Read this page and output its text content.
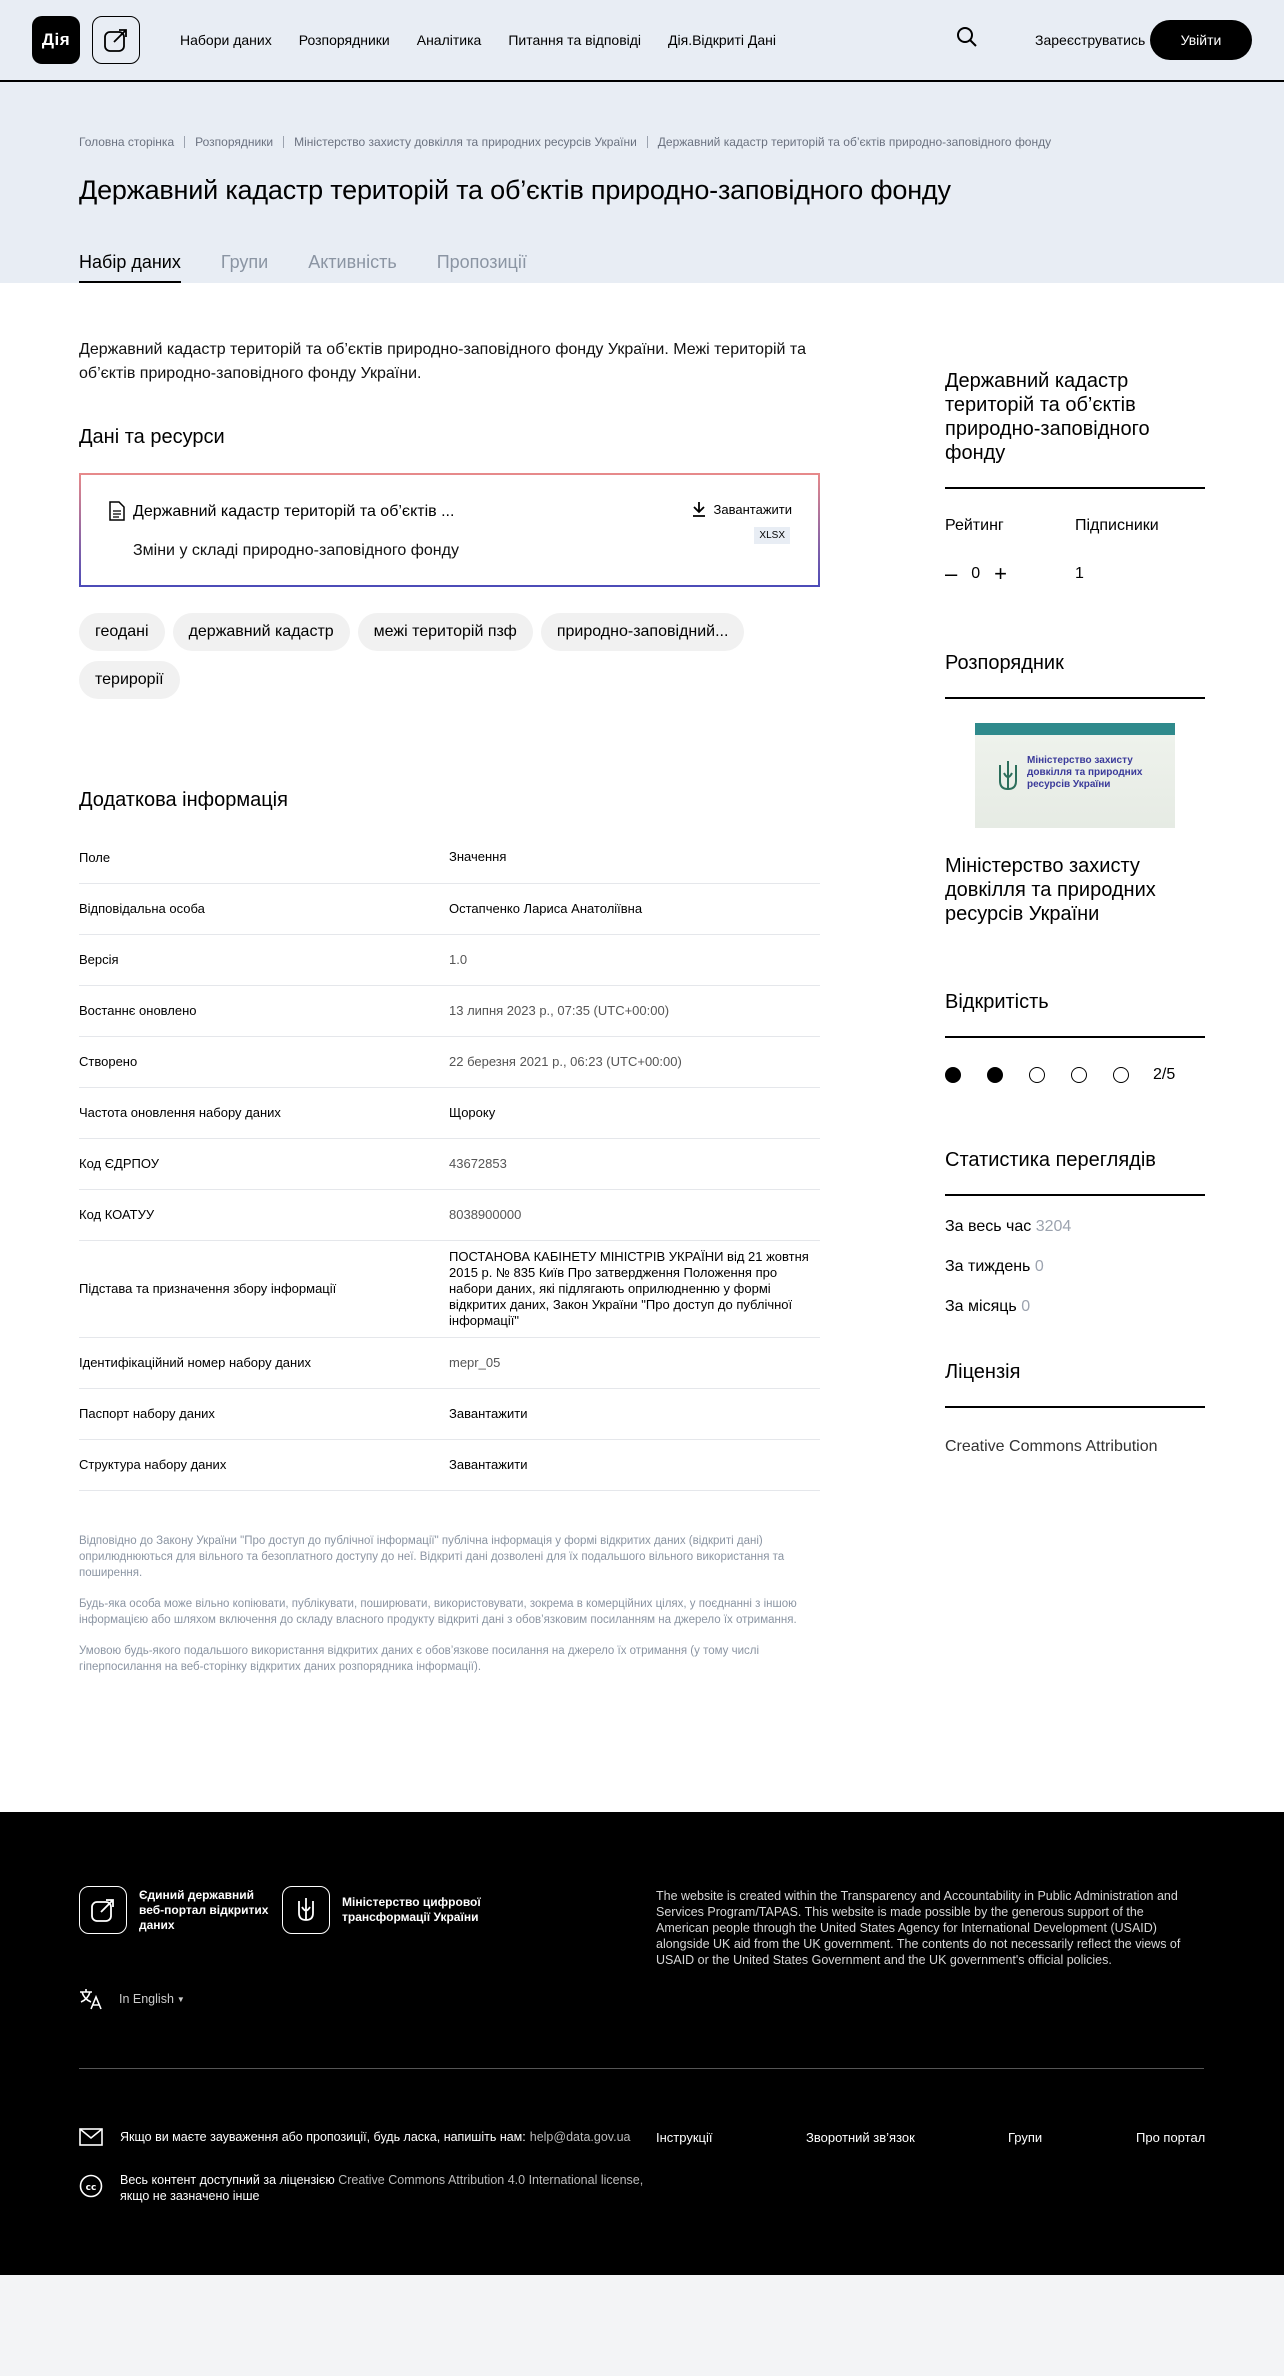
Дія	Набори даних Розпорядники Аналітика Питання та відповіді Дія.Відкриті Дані	Зареєструватись	Увійти
Головна сторінка	Розпорядники	Міністерство захисту довкілля та природних ресурсів України	Державний кадастр територій та об’єктів природно-заповідного фонду
Державний кадастр територій та об’єктів природно-заповідного фонду
Набір даних Групи Активність Пропозиції

Державний кадастр територій та об’єктів природно-заповідного фонду України. Межі територій та об’єктів природно-заповідного фонду України.

Дані та ресурси
Державний кадастр територій та об’єктів ...
Зміни у складі природно-заповідного фонду
Завантажити
XLSX
геодані	державний кадастр	межі територій пзф	природно-заповідний...
терирорії
Додаткова інформація
Поле	Значення
Відповідальна особа	Остапченко Лариса Анатоліївна
Версія	1.0
Востаннє оновлено	13 липня 2023 р., 07:35 (UTC+00:00)
Створено	22 березня 2021 р., 06:23 (UTC+00:00)
Частота оновлення набору даних	Щороку
Код ЄДРПОУ	43672853
Код КОАТУУ	8038900000
Підстава та призначення збору інформації	ПОСТАНОВА КАБІНЕТУ МІНІСТРІВ УКРАЇНИ від 21 жовтня 2015 р. № 835 Київ Про затвердження Положення про набори даних, які підлягають оприлюдненню у формі відкритих даних, Закон України "Про доступ до публічної інформації"
Ідентифікаційний номер набору даних	mepr_05
Паспорт набору даних	Завантажити
Структура набору даних	Завантажити

Відповідно до Закону України "Про доступ до публічної інформації" публічна інформація у формі відкритих даних (відкриті дані) оприлюднюються для вільного та безоплатного доступу до неї. Відкриті дані дозволені для їх подальшого вільного використання та поширення.

Будь-яка особа може вільно копіювати, публікувати, поширювати, використовувати, зокрема в комерційних цілях, у поєднанні з іншою інформацією або шляхом включення до складу власного продукту відкриті дані з обов’язковим посиланням на джерело їх отримання.

Умовою будь-якого подальшого використання відкритих даних є обов’язкове посилання на джерело їх отримання (у тому числі гіперпосилання на веб-сторінку відкритих даних розпорядника інформації).

Державний кадастр територій та об’єктів природно-заповідного фонду
Рейтинг	Підписники
– 0 +	1
Розпорядник
Міністерство захисту довкілля та природних ресурсів України
Міністерство захисту довкілля та природних ресурсів України
Відкритість
2/5
Статистика переглядів
За весь час 3204
За тиждень 0
За місяць 0
Ліцензія
Creative Commons Attribution
Єдиний державний веб-портал відкритих даних
Міністерство цифрової трансформації України

The website is created within the Transparency and Accountability in Public Administration and Services Program/TAPAS. This website is made possible by the generous support of the American people through the United States Agency for International Development (USAID) alongside UK aid from the UK government. The contents do not necessarily reflect the views of USAID or the United States Government and the UK government's official policies.

In English ▼
Якщо ви маєте зауваження або пропозиції, будь ласка, напишіть нам: help@data.gov.ua Інструкції	Зворотний зв’язок	Групи	Про портал
cc
Весь контент доступний за ліцензією Creative Commons Attribution 4.0 International license,
якщо не зазначено інше
